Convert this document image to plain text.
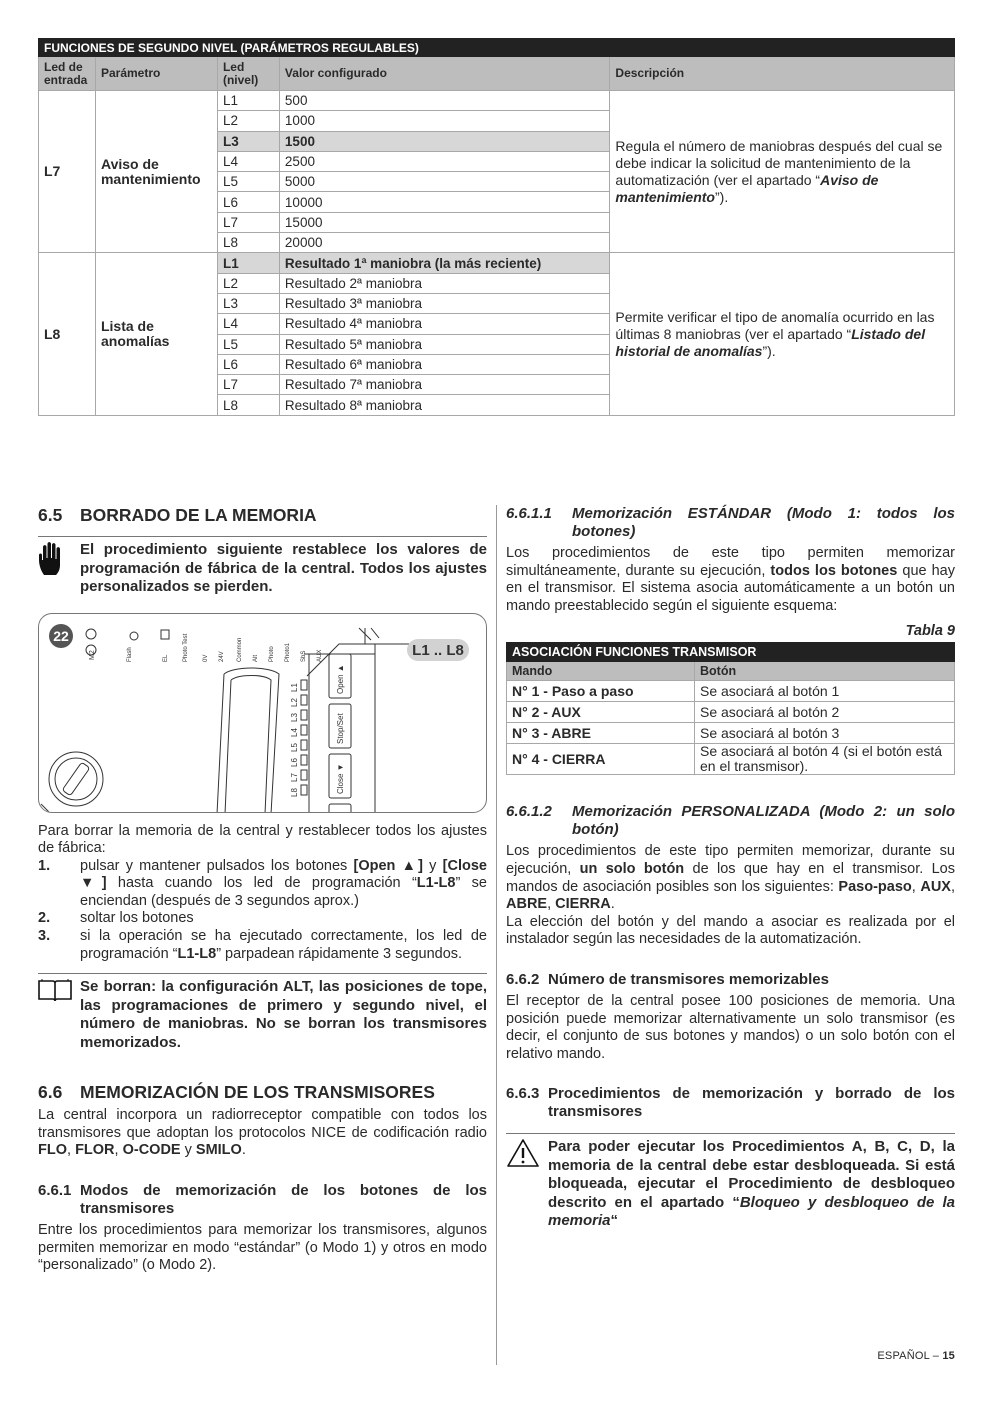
FUNCIONES DE SEGUNDO NIVEL (PARÁMETROS REGULABLES)				
Led de entrada	Parámetro	Led (nivel)	Valor configurado	Descripción
L7	Aviso de mantenimiento	L1	500	Regula el número de maniobras después del cual se debe indicar la solicitud de mantenimiento de la automatización (ver el apartado “Aviso de mantenimiento”).
		L2	1000	
		L3	1500	
		L4	2500	
		L5	5000	
		L6	10000	
		L7	15000	
		L8	20000	
L8	Lista de anomalías	L1	Resultado 1ª maniobra (la más reciente)	Permite verificar el tipo de anomalía ocurrido en las últimas 8 maniobras (ver el apartado “Listado del historial de anomalías”).
		L2	Resultado 2ª maniobra	
		L3	Resultado 3ª maniobra	
		L4	Resultado 4ª maniobra	
		L5	Resultado 5ª maniobra	
		L6	Resultado 6ª maniobra	
		L7	Resultado 7ª maniobra	
		L8	Resultado 8ª maniobra	
6.5	BORRADO DE LA MEMORIA
El procedimiento siguiente restablece los valores de programación de fábrica de la central. Todos los ajustes personalizados se pierden.
22
Flash	EL Photo Test 0V 24V Common Alt Photo Photo1 SbS AUX
M2
L1
L2
L3
L4
L5
L6
L7
L8
Open ▲
Stop/Set
Close ▼
L1 .. L8

Para borrar la memoria de la central y restablecer todos los ajustes de fábrica:

1.	pulsar y mantener pulsados los botones [Open ▲] y [Close ▼] hasta cuando los led de programación “L1-L8” se enciendan (después de 3 segundos aprox.)
2.	soltar los botones
3.	si la operación se ha ejecutado correctamente, los led de programación “L1-L8” parpadean rápidamente 3 segundos.
Se borran: la configuración ALT, las posiciones de tope, las programaciones de primero y segundo nivel, el número de maniobras. No se borran los transmisores memorizados.
6.6	MEMORIZACIÓN DE LOS TRANSMISORES

La central incorpora un radiorreceptor compatible con todos los transmisores que adoptan los protocolos NICE de codificación radio FLO, FLOR, O-CODE y SMILO.

6.6.1 Modos de memorización de los botones de los transmisores

Entre los procedimientos para memorizar los transmisores, algunos permiten memorizar en modo “estándar” (o Modo 1) y otros en modo “personalizado” (o Modo 2).

6.6.1.1	Memorización ESTÁNDAR (Modo 1: todos los botones)

Los procedimientos de este tipo permiten memorizar simultáneamente, durante su ejecución, todos los botones que hay en el transmisor. El sistema asocia automáticamente a un botón un mando preestablecido según el siguiente esquema:

Tabla 9
ASOCIACIÓN FUNCIONES TRANSMISOR	
Mando	Botón
N° 1 - Paso a paso	Se asociará al botón 1
N° 2 - AUX	Se asociará al botón 2
N° 3 - ABRE	Se asociará al botón 3
N° 4 - CIERRA	Se asociará al botón 4 (si el botón está en el transmisor).
6.6.1.2	Memorización PERSONALIZADA (Modo 2: un solo botón)

Los procedimientos de este tipo permiten memorizar, durante su ejecución, un solo botón de los que hay en el transmisor. Los mandos de asociación posibles son los siguientes: Paso-paso, AUX, ABRE, CIERRA.

La elección del botón y del mando a asociar es realizada por el instalador según las necesidades de la automatización.

6.6.2 Número de transmisores memorizables

El receptor de la central posee 100 posiciones de memoria. Una posición puede memorizar alternativamente un solo transmisor (es decir, el conjunto de sus botones y mandos) o un solo botón con el relativo mando.

6.6.3 Procedimientos de memorización y borrado de los transmisores
Para poder ejecutar los Procedimientos A, B, C, D, la memoria de la central debe estar desbloqueada. Si está bloqueada, ejecutar el Procedimiento de desbloqueo descrito en el apartado “Bloqueo y desbloqueo de la memoria“
ESPAÑOL – 15
